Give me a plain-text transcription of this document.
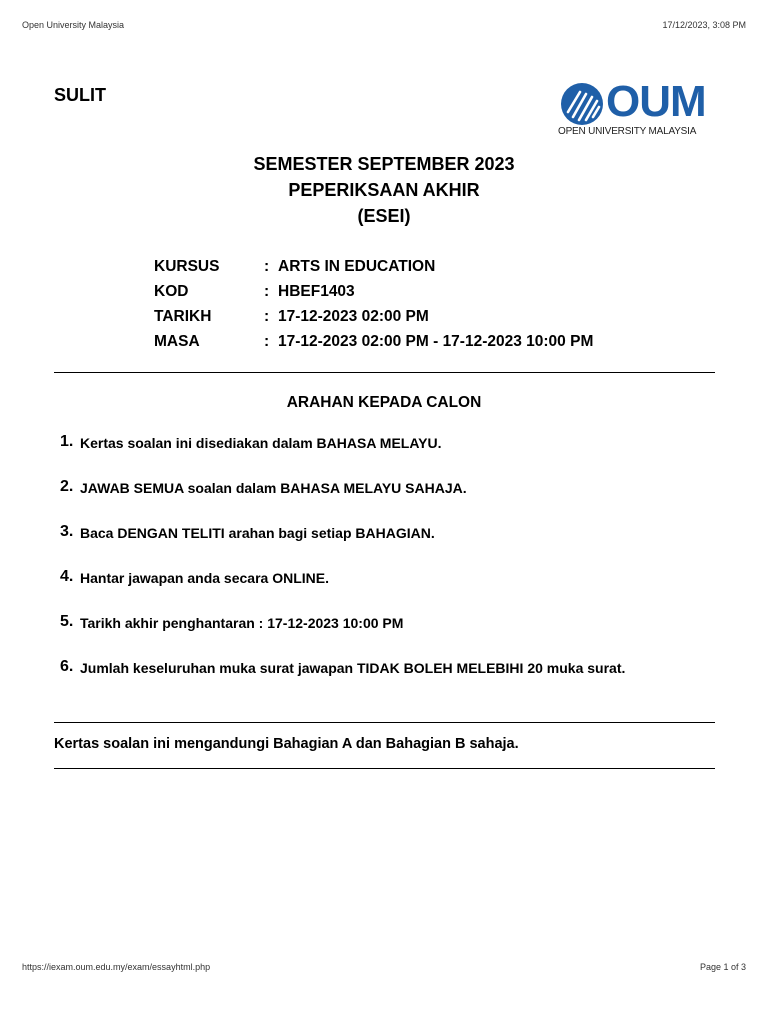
Open University Malaysia	17/12/2023, 3:08 PM
SULIT	OUM
OPEN UNIVERSITY MALAYSIA
SEMESTER SEPTEMBER 2023
PEPERIKSAAN AKHIR
(ESEI)
KURSUS	: ARTS IN EDUCATION
KOD	: HBEF1403
TARIKH	: 17-12-2023 02:00 PM
MASA	: 17-12-2023 02:00 PM - 17-12-2023 10:00 PM
ARAHAN KEPADA CALON
1. Kertas soalan ini disediakan dalam BAHASA MELAYU.
2. JAWAB SEMUA soalan dalam BAHASA MELAYU SAHAJA.
3. Baca DENGAN TELITI arahan bagi setiap BAHAGIAN.
4. Hantar jawapan anda secara ONLINE.
5. Tarikh akhir penghantaran : 17-12-2023 10:00 PM
6. Jumlah keseluruhan muka surat jawapan TIDAK BOLEH MELEBIHI 20 muka surat.
Kertas soalan ini mengandungi Bahagian A dan Bahagian B sahaja.
https://iexam.oum.edu.my/exam/essayhtml.php	Page 1 of 3
